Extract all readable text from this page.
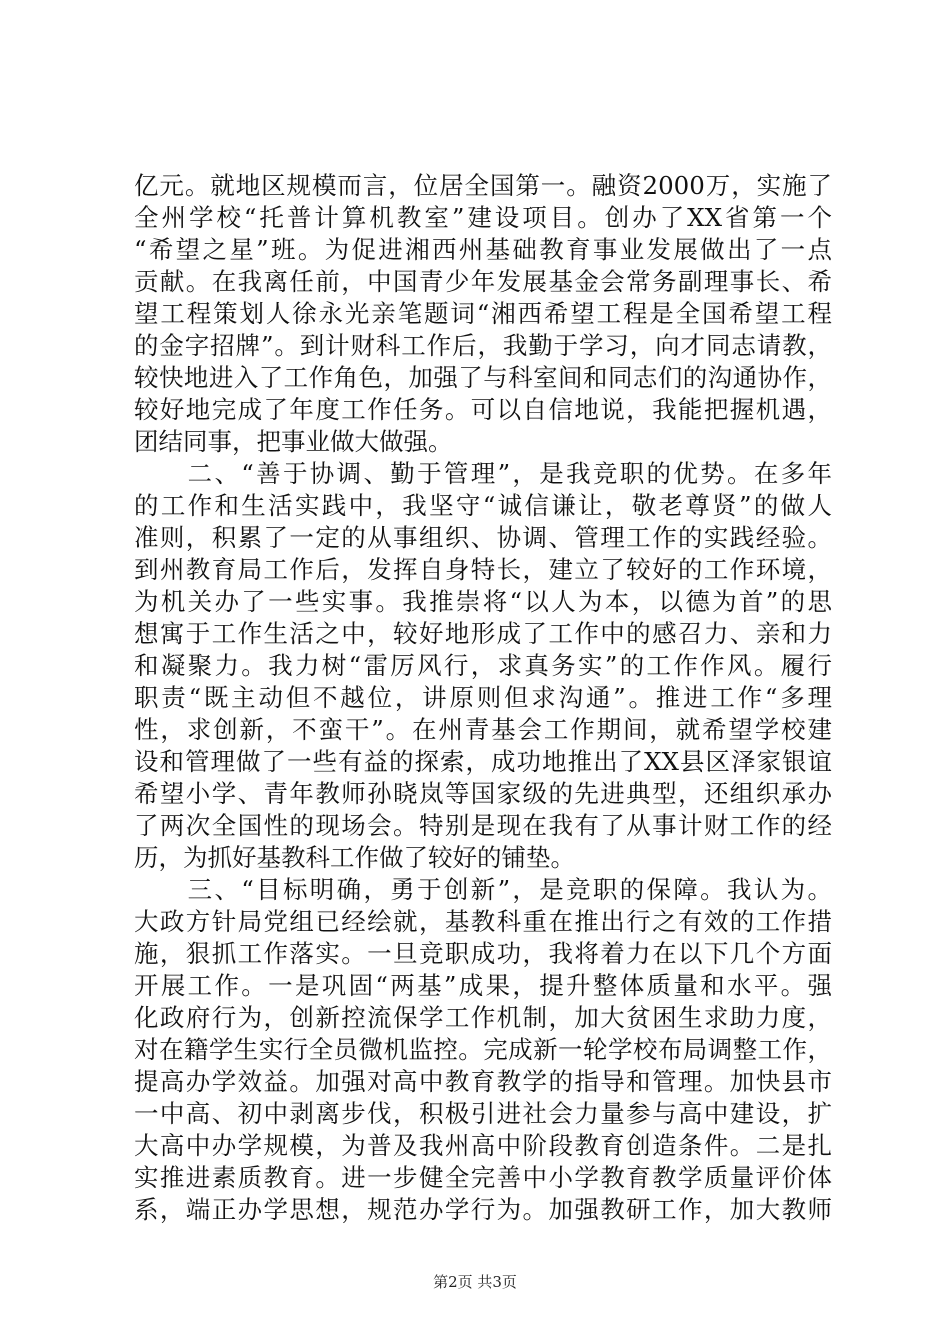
亿元。就地区规模而言，位居全国第一。融资2000万，实施了
全州学校“托普计算机教室”建设项目。创办了XX省第一个
“希望之星”班。为促进湘西州基础教育事业发展做出了一点
贡献。在我离任前，中国青少年发展基金会常务副理事长、希
望工程策划人徐永光亲笔题词“湘西希望工程是全国希望工程
的金字招牌”。到计财科工作后，我勤于学习，向才同志请教，
较快地进入了工作角色，加强了与科室间和同志们的沟通协作，
较好地完成了年度工作任务。可以自信地说，我能把握机遇，
团结同事，把事业做大做强。
　　二、“善于协调、勤于管理”，是我竞职的优势。在多年
的工作和生活实践中，我坚守“诚信谦让，敬老尊贤”的做人
准则，积累了一定的从事组织、协调、管理工作的实践经验。
到州教育局工作后，发挥自身特长，建立了较好的工作环境，
为机关办了一些实事。我推崇将“以人为本，以德为首”的思
想寓于工作生活之中，较好地形成了工作中的感召力、亲和力
和凝聚力。我力树“雷厉风行，求真务实”的工作作风。履行
职责“既主动但不越位，讲原则但求沟通”。推进工作“多理
性，求创新，不蛮干”。在州青基会工作期间，就希望学校建
设和管理做了一些有益的探索，成功地推出了XX县区泽家银谊
希望小学、青年教师孙晓岚等国家级的先进典型，还组织承办
了两次全国性的现场会。特别是现在我有了从事计财工作的经
历，为抓好基教科工作做了较好的铺垫。
　　三、“目标明确，勇于创新”，是竞职的保障。我认为。
大政方针局党组已经绘就，基教科重在推出行之有效的工作措
施，狠抓工作落实。一旦竞职成功，我将着力在以下几个方面
开展工作。一是巩固“两基”成果，提升整体质量和水平。强
化政府行为，创新控流保学工作机制，加大贫困生求助力度，
对在籍学生实行全员微机监控。完成新一轮学校布局调整工作，
提高办学效益。加强对高中教育教学的指导和管理。加快县市
一中高、初中剥离步伐，积极引进社会力量参与高中建设，扩
大高中办学规模，为普及我州高中阶段教育创造条件。二是扎
实推进素质教育。进一步健全完善中小学教育教学质量评价体
系，端正办学思想，规范办学行为。加强教研工作，加大教师
第2页 共3页
